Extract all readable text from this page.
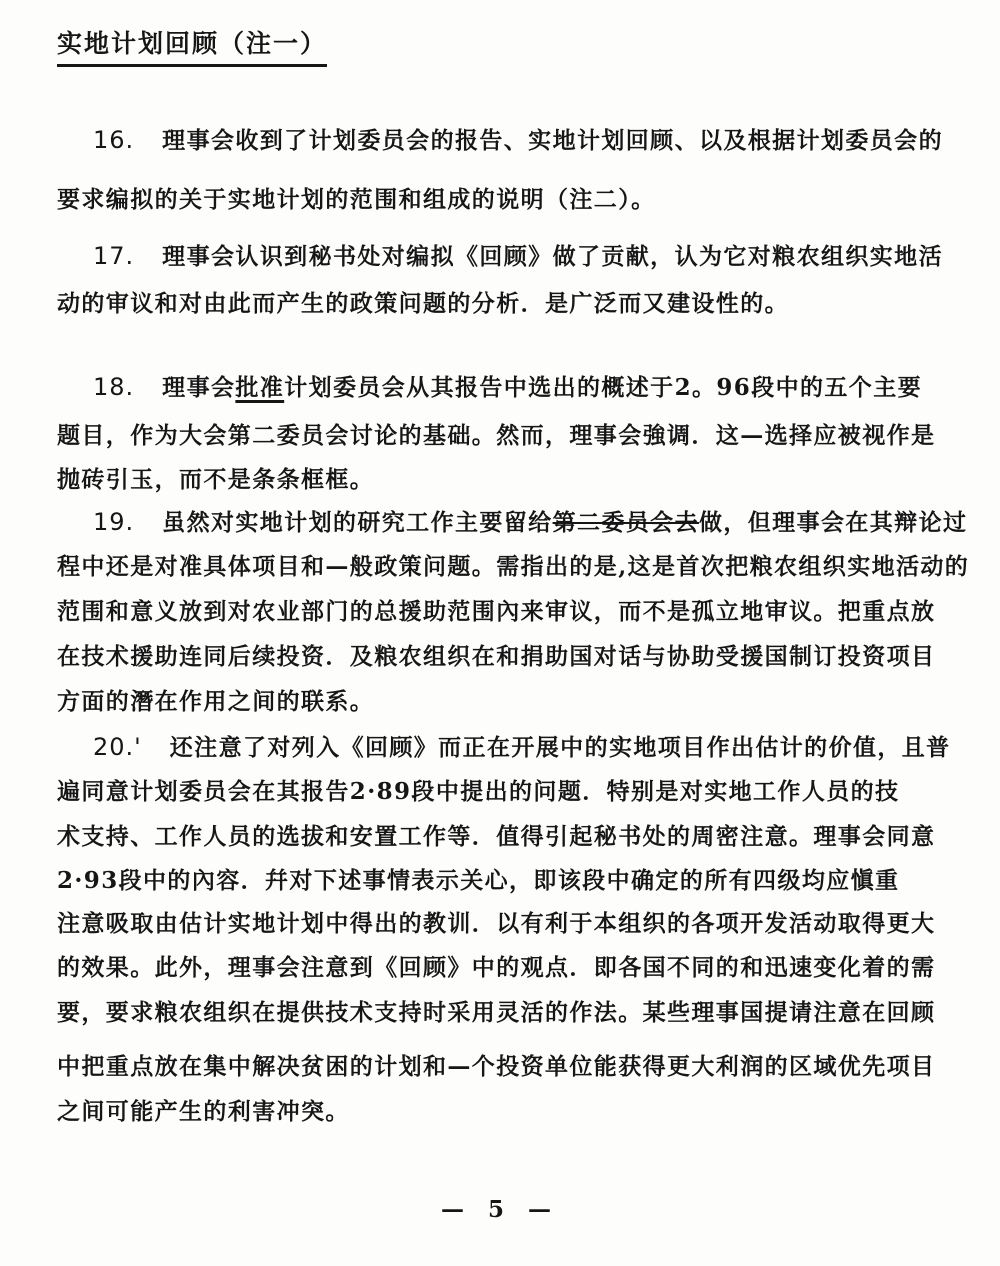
实地计划回顾（注一）
16. 理事会收到了计划委员会的报告、实地计划回顾、以及根据计划委员会的
要求编拟的关于实地计划的范围和组成的说明（注二）。
17. 理事会认识到秘书处对编拟《回顾》做了贡献，认为它对粮农组织实地活
动的审议和对由此而产生的政策问题的分析．是广泛而又建设性的。
18. 理事会批准计划委员会从其报告中选出的概述于2。96段中的五个主要
题目，作为大会第二委员会讨论的基础。然而，理事会強调．这—选择应被视作是
抛砖引玉，而不是条条框框。
19. 虽然对实地计划的研究工作主要留给第二委员会去做，但理事会在其辩论过
程中还是对准具体项目和—般政策问题。需指出的是,这是首次把粮农组织实地活动的
范围和意义放到对农业部门的总援助范围內来审议，而不是孤立地审议。把重点放
在技术援助连同后续投资．及粮农组织在和捐助国对话与协助受援国制订投资项目
方面的潛在作用之间的联系。
20.' 还注意了对列入《回顾》而正在开展中的实地项目作出估计的价值，且普
遍同意计划委员会在其报告2·89段中提出的问题．特别是对实地工作人员的技
术支持、工作人员的选拔和安置工作等．值得引起秘书处的周密注意。理事会同意
2·93段中的內容．幷对下述事情表示关心，即该段中确定的所有四级均应愼重
注意吸取由估计实地计划中得出的教训．以有利于本组织的各项开发活动取得更大
的效果。此外，理事会注意到《回顾》中的观点．即各国不同的和迅速变化着的需
要，要求粮农组织在提供技术支持时采用灵活的作法。某些理事国提请注意在回顾
中把重点放在集中解决贫困的计划和—个投资单位能获得更大利润的区域优先项目
之间可能产生的利害冲突。
— 5 —
